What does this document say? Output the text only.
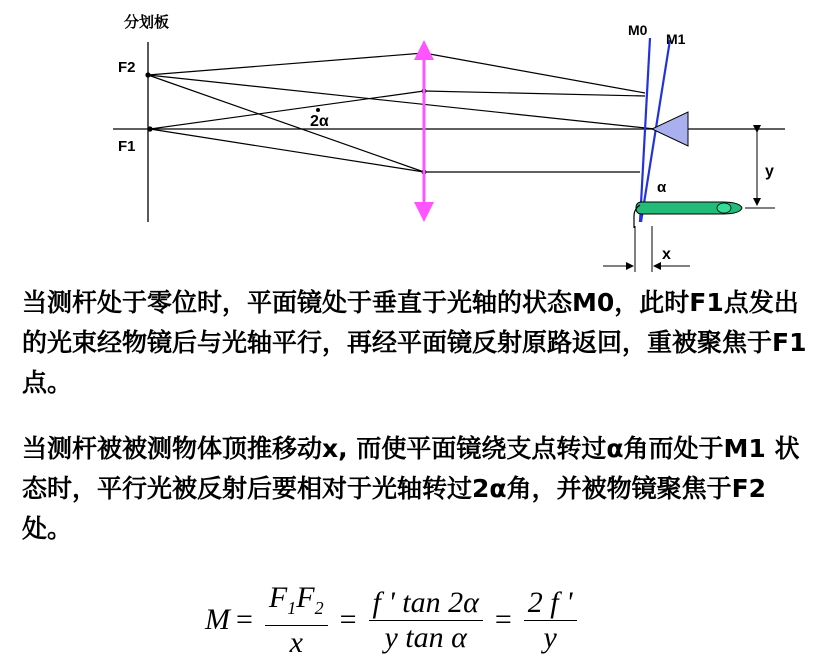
分划板
F2
F1
2α
M0
M1
α
y
x

当测杆处于零位时，平面镜处于垂直于光轴的状态M0，此时F1点发出的光束经物镜后与光轴平行，再经平面镜反射原路返回，重被聚焦于F1 点。

当测杆被被测物体顶推移动x, 而使平面镜绕支点转过α角而处于M1 状态时，平行光被反射后要相对于光轴转过2α角，并被物镜聚焦于F2处。

$M = \frac{F_1F_2}{x} = \frac{f ' \tan 2\alpha}{\text{y tan α}} = \frac{2 f '}{y}$
